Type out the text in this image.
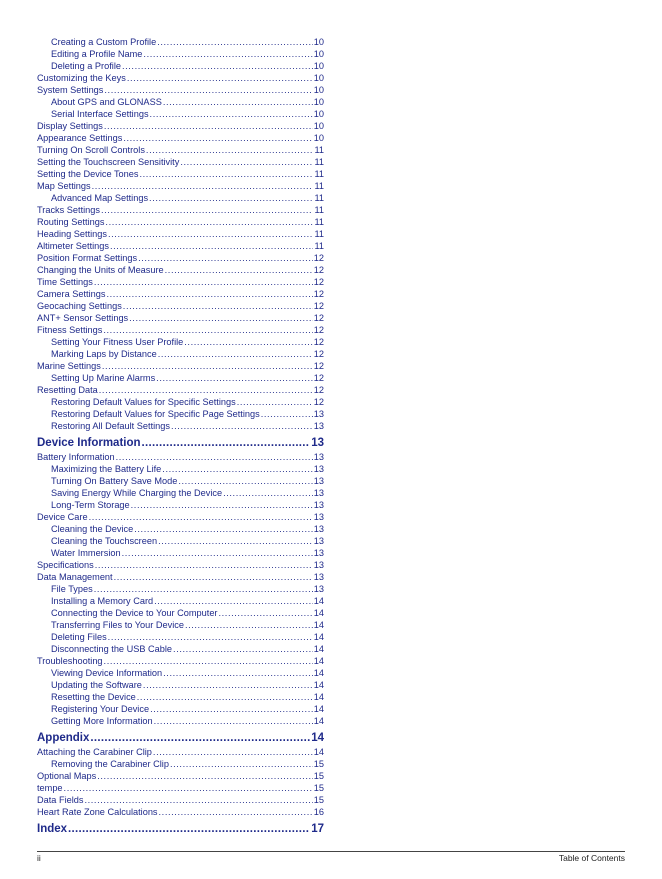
Creating a Custom Profile .....	10
Editing a Profile Name .....	10
Deleting a Profile .....	10
Customizing the Keys .....	10
System Settings .....	10
About GPS and GLONASS .....	10
Serial Interface Settings .....	10
Display Settings .....	10
Appearance Settings .....	10
Turning On Scroll Controls .....	11
Setting the Touchscreen Sensitivity .....	11
Setting the Device Tones .....	11
Map Settings .....	11
Advanced Map Settings .....	11
Tracks Settings .....	11
Routing Settings .....	11
Heading Settings .....	11
Altimeter Settings .....	11
Position Format Settings .....	12
Changing the Units of Measure .....	12
Time Settings .....	12
Camera Settings .....	12
Geocaching Settings .....	12
ANT+ Sensor Settings .....	12
Fitness Settings .....	12
Setting Your Fitness User Profile .....	12
Marking Laps by Distance .....	12
Marine Settings .....	12
Setting Up Marine Alarms .....	12
Resetting Data .....	12
Restoring Default Values for Specific Settings .....	12
Restoring Default Values for Specific Page Settings .....	13
Restoring All Default Settings .....	13
Device Information .....	13
Battery Information .....	13
Maximizing the Battery Life .....	13
Turning On Battery Save Mode .....	13
Saving Energy While Charging the Device .....	13
Long-Term Storage .....	13
Device Care .....	13
Cleaning the Device .....	13
Cleaning the Touchscreen .....	13
Water Immersion .....	13
Specifications .....	13
Data Management .....	13
File Types .....	13
Installing a Memory Card .....	14
Connecting the Device to Your Computer .....	14
Transferring Files to Your Device .....	14
Deleting Files .....	14
Disconnecting the USB Cable .....	14
Troubleshooting .....	14
Viewing Device Information .....	14
Updating the Software .....	14
Resetting the Device .....	14
Registering Your Device .....	14
Getting More Information .....	14
Appendix .....	14
Attaching the Carabiner Clip .....	14
Removing the Carabiner Clip .....	15
Optional Maps .....	15
tempe .....	15
Data Fields .....	15
Heart Rate Zone Calculations .....	16
Index .....	17
ii	Table of Contents
